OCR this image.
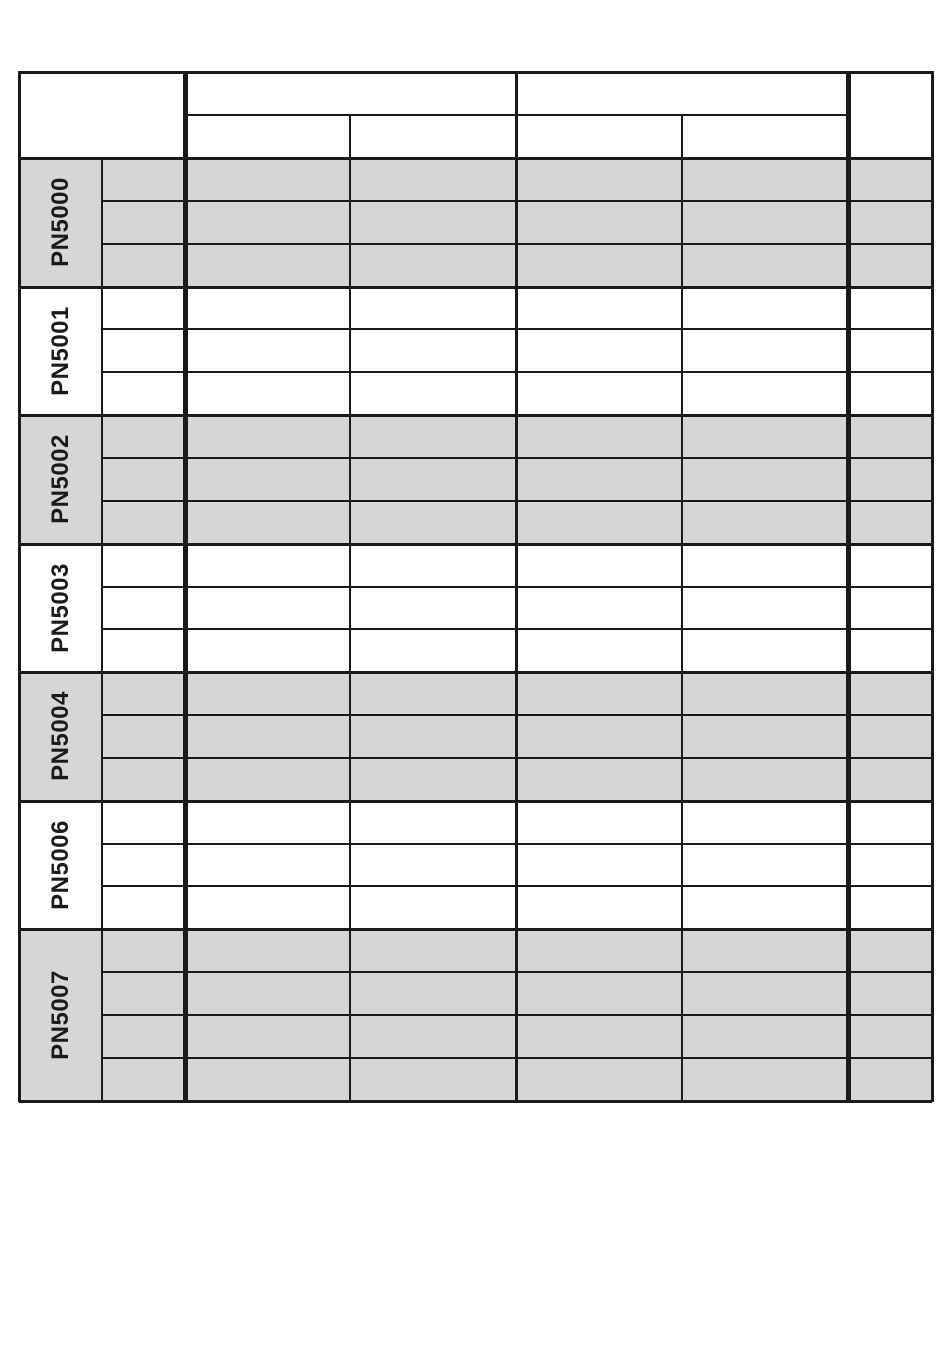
PN5000
PN5001
PN5002
PN5003
PN5004
PN5006
PN5007
